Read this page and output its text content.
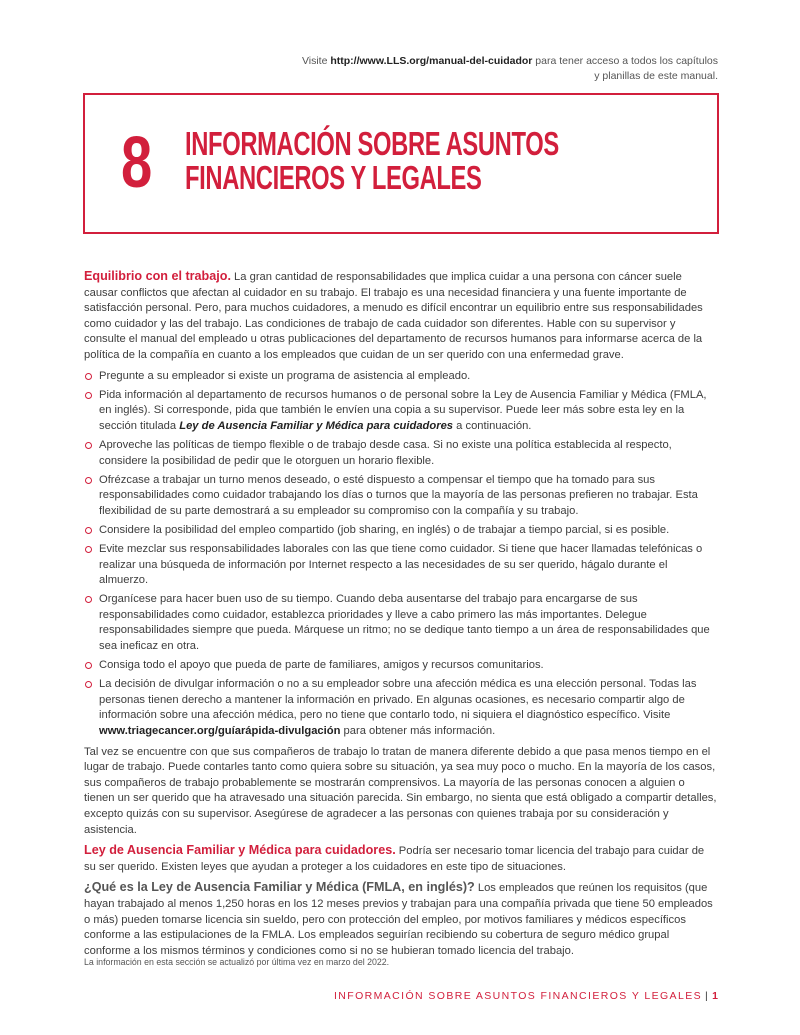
Visite http://www.LLS.org/manual-del-cuidador para tener acceso a todos los capítulos y planillas de este manual.
8 INFORMACIÓN SOBRE ASUNTOS
FINANCIEROS Y LEGALES

Equilibrio con el trabajo. La gran cantidad de responsabilidades que implica cuidar a una persona con cáncer suele causar conflictos que afectan al cuidador en su trabajo. El trabajo es una necesidad financiera y una fuente importante de satisfacción personal. Pero, para muchos cuidadores, a menudo es difícil encontrar un equilibrio entre sus responsabilidades como cuidador y las del trabajo. Las condiciones de trabajo de cada cuidador son diferentes. Hable con su supervisor y consulte el manual del empleado u otras publicaciones del departamento de recursos humanos para informarse acerca de la política de la compañía en cuanto a los empleados que cuidan de un ser querido con una enfermedad grave.

Pregunte a su empleador si existe un programa de asistencia al empleado.
Pida información al departamento de recursos humanos o de personal sobre la Ley de Ausencia Familiar y Médica (FMLA, en inglés). Si corresponde, pida que también le envíen una copia a su supervisor. Puede leer más sobre esta ley en la sección titulada Ley de Ausencia Familiar y Médica para cuidadores a continuación.
Aproveche las políticas de tiempo flexible o de trabajo desde casa. Si no existe una política establecida al respecto, considere la posibilidad de pedir que le otorguen un horario flexible.
Ofrézcase a trabajar un turno menos deseado, o esté dispuesto a compensar el tiempo que ha tomado para sus responsabilidades como cuidador trabajando los días o turnos que la mayoría de las personas prefieren no trabajar. Esta flexibilidad de su parte demostrará a su empleador su compromiso con la compañía y su trabajo.
Considere la posibilidad del empleo compartido (job sharing, en inglés) o de trabajar a tiempo parcial, si es posible.
Evite mezclar sus responsabilidades laborales con las que tiene como cuidador. Si tiene que hacer llamadas telefónicas o realizar una búsqueda de información por Internet respecto a las necesidades de su ser querido, hágalo durante el almuerzo.
Organícese para hacer buen uso de su tiempo. Cuando deba ausentarse del trabajo para encargarse de sus responsabilidades como cuidador, establezca prioridades y lleve a cabo primero las más importantes. Delegue responsabilidades siempre que pueda. Márquese un ritmo; no se dedique tanto tiempo a un área de responsabilidades que sea ineficaz en otra.
Consiga todo el apoyo que pueda de parte de familiares, amigos y recursos comunitarios.
La decisión de divulgar información o no a su empleador sobre una afección médica es una elección personal. Todas las personas tienen derecho a mantener la información en privado. En algunas ocasiones, es necesario compartir algo de información sobre una afección médica, pero no tiene que contarlo todo, ni siquiera el diagnóstico específico. Visite www.triagecancer.org/guíarápida-divulgación para obtener más información.

Tal vez se encuentre con que sus compañeros de trabajo lo tratan de manera diferente debido a que pasa menos tiempo en el lugar de trabajo. Puede contarles tanto como quiera sobre su situación, ya sea muy poco o mucho. En la mayoría de los casos, sus compañeros de trabajo probablemente se mostrarán comprensivos. La mayoría de las personas conocen a alguien o tienen un ser querido que ha atravesado una situación parecida. Sin embargo, no sienta que está obligado a compartir detalles, excepto quizás con su supervisor. Asegúrese de agradecer a las personas con quienes trabaja por su consideración y asistencia.

Ley de Ausencia Familiar y Médica para cuidadores. Podría ser necesario tomar licencia del trabajo para cuidar de su ser querido. Existen leyes que ayudan a proteger a los cuidadores en este tipo de situaciones.

¿Qué es la Ley de Ausencia Familiar y Médica (FMLA, en inglés)? Los empleados que reúnen los requisitos (que hayan trabajado al menos 1,250 horas en los 12 meses previos y trabajan para una compañía privada que tiene 50 empleados o más) pueden tomarse licencia sin sueldo, pero con protección del empleo, por motivos familiares y médicos específicos conforme a las estipulaciones de la FMLA. Los empleados seguirían recibiendo su cobertura de seguro médico grupal conforme a los mismos términos y condiciones como si no se hubieran tomado licencia del trabajo.

La información en esta sección se actualizó por última vez en marzo del 2022.
INFORMACIÓN SOBRE ASUNTOS FINANCIEROS Y LEGALES | 1
